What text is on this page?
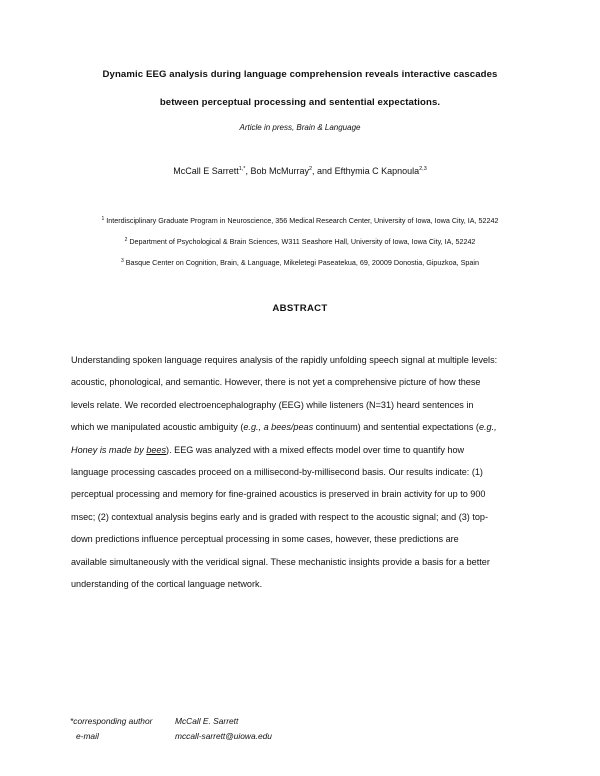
Dynamic EEG analysis during language comprehension reveals interactive cascades
between perceptual processing and sentential expectations.
Article in press, Brain & Language
McCall E Sarrett$^{1,*}$, Bob McMurray$^2$, and Efthymia C Kapnoula$^{2,3}$
$^1$ Interdisciplinary Graduate Program in Neuroscience, 356 Medical Research Center, University of Iowa, Iowa City, IA, 52242
$^2$ Department of Psychological & Brain Sciences, W311 Seashore Hall, University of Iowa, Iowa City, IA, 52242
$^3$ Basque Center on Cognition, Brain, & Language, Mikeletegi Paseatekua, 69, 20009 Donostia, Gipuzkoa, Spain
ABSTRACT
Understanding spoken language requires analysis of the rapidly unfolding speech signal at multiple levels:
acoustic, phonological, and semantic. However, there is not yet a comprehensive picture of how these
levels relate. We recorded electroencephalography (EEG) while listeners (N=31) heard sentences in
which we manipulated acoustic ambiguity (e.g., a bees/peas continuum) and sentential expectations (e.g.,
Honey is made by bees). EEG was analyzed with a mixed effects model over time to quantify how
language processing cascades proceed on a millisecond-by-millisecond basis. Our results indicate: (1)
perceptual processing and memory for fine-grained acoustics is preserved in brain activity for up to 900
msec; (2) contextual analysis begins early and is graded with respect to the acoustic signal; and (3) top-
down predictions influence perceptual processing in some cases, however, these predictions are
available simultaneously with the veridical signal. These mechanistic insights provide a basis for a better
understanding of the cortical language network.
*corresponding author	McCall E. Sarrett
e-mail	mccall-sarrett@uiowa.edu
